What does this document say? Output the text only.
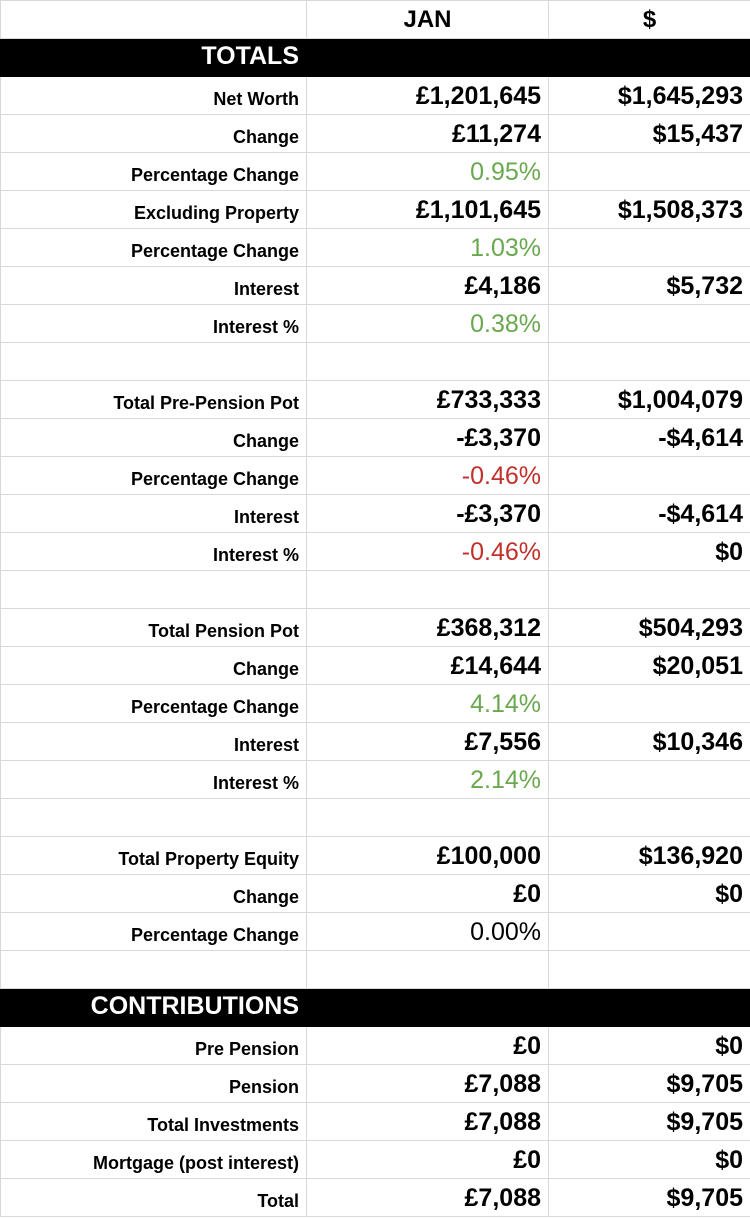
	JAN	$
TOTALS		
Net Worth	£1,201,645	$1,645,293
Change	£11,274	$15,437
Percentage Change	0.95%	
Excluding Property	£1,101,645	$1,508,373
Percentage Change	1.03%	
Interest	£4,186	$5,732
Interest %	0.38%	

Total Pre-Pension Pot	£733,333	$1,004,079
Change	-£3,370	-$4,614
Percentage Change	-0.46%	
Interest	-£3,370	-$4,614
Interest %	-0.46%	$0

Total Pension Pot	£368,312	$504,293
Change	£14,644	$20,051
Percentage Change	4.14%	
Interest	£7,556	$10,346
Interest %	2.14%	

Total Property Equity	£100,000	$136,920
Change	£0	$0
Percentage Change	0.00%	

CONTRIBUTIONS		
Pre Pension	£0	$0
Pension	£7,088	$9,705
Total Investments	£7,088	$9,705
Mortgage (post interest)	£0	$0
Total	£7,088	$9,705
